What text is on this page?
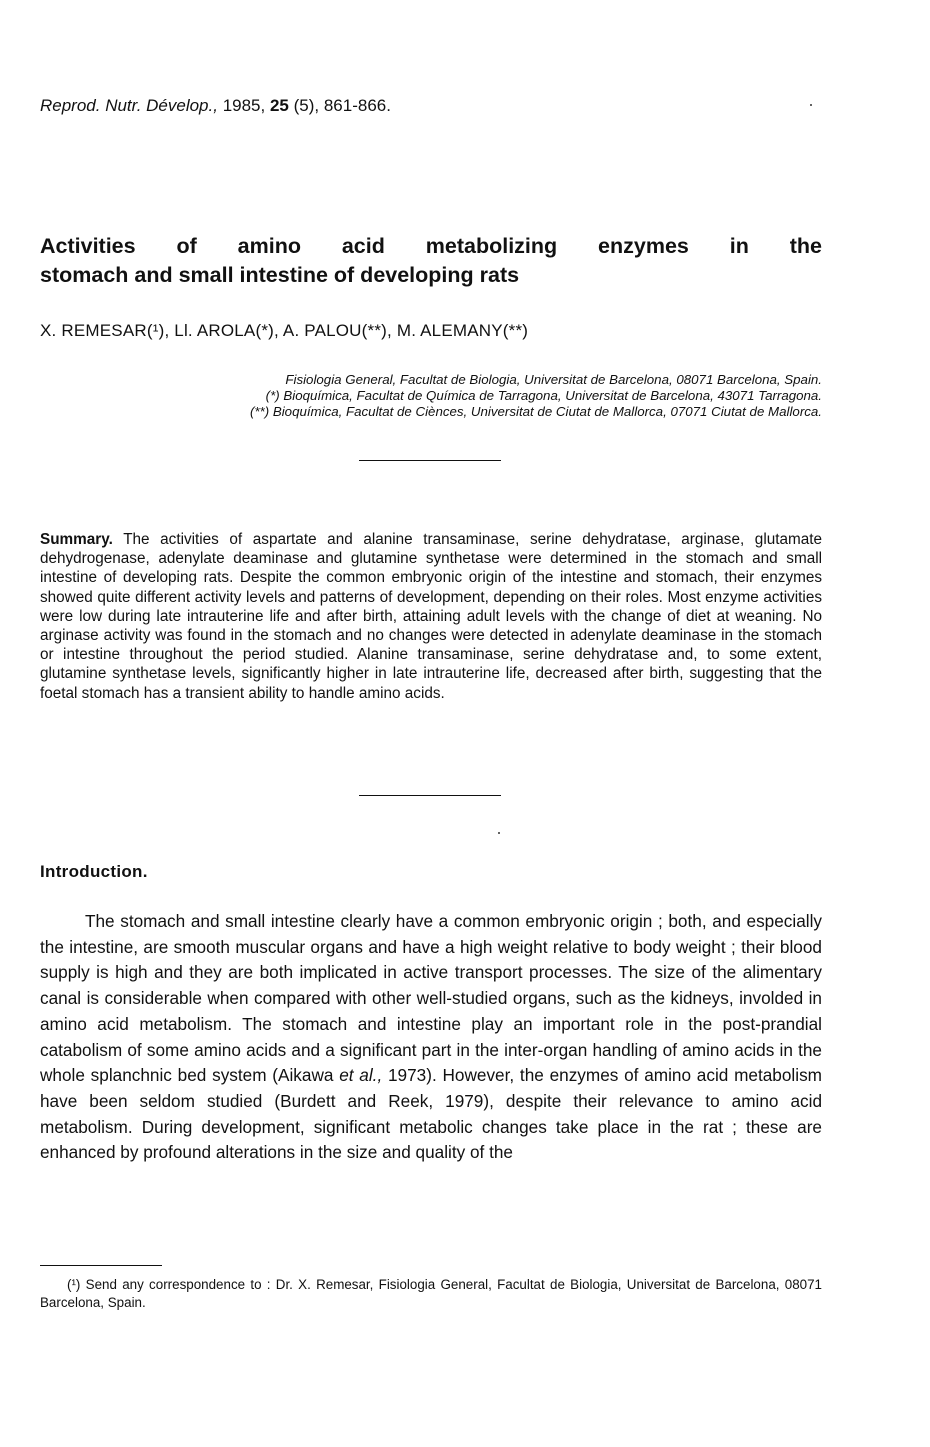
Reprod. Nutr. Dévelop., 1985, 25 (5), 861-866.
Activities of amino acid metabolizing enzymes in the
stomach and small intestine of developing rats
X. REMESAR(¹), Ll. AROLA(*), A. PALOU(**), M. ALEMANY(**)
Fisiologia General, Facultat de Biologia, Universitat de Barcelona, 08071 Barcelona, Spain.
(*) Bioquímica, Facultat de Química de Tarragona, Universitat de Barcelona, 43071 Tarragona.
(**) Bioquímica, Facultat de Ciènces, Universitat de Ciutat de Mallorca, 07071 Ciutat de Mallorca.

Summary. The activities of aspartate and alanine transaminase, serine dehydratase, arginase, glutamate dehydrogenase, adenylate deaminase and glutamine synthetase were determined in the stomach and small intestine of developing rats. Despite the common embryonic origin of the intestine and stomach, their enzymes showed quite different activity levels and patterns of development, depending on their roles. Most enzyme activities were low during late intrauterine life and after birth, attaining adult levels with the change of diet at weaning. No arginase activity was found in the stomach and no changes were detected in adenylate deaminase in the stomach or intestine throughout the period studied. Alanine transaminase, serine dehydratase and, to some extent, glutamine synthetase levels, significantly higher in late intrauterine life, decreased after birth, suggesting that the foetal stomach has a transient ability to handle amino acids.

Introduction.

The stomach and small intestine clearly have a common embryonic origin ; both, and especially the intestine, are smooth muscular organs and have a high weight relative to body weight ; their blood supply is high and they are both implicated in active transport processes. The size of the alimentary canal is considerable when compared with other well-studied organs, such as the kidneys, involded in amino acid metabolism. The stomach and intestine play an important role in the post-prandial catabolism of some amino acids and a significant part in the inter-organ handling of amino acids in the whole splanchnic bed system (Aikawa et al., 1973). However, the enzymes of amino acid metabolism have been seldom studied (Burdett and Reek, 1979), despite their relevance to amino acid metabolism. During development, significant metabolic changes take place in the rat ; these are enhanced by profound alterations in the size and quality of the

(¹) Send any correspondence to : Dr. X. Remesar, Fisiologia General, Facultat de Biologia, Universitat de Barcelona, 08071 Barcelona, Spain.
